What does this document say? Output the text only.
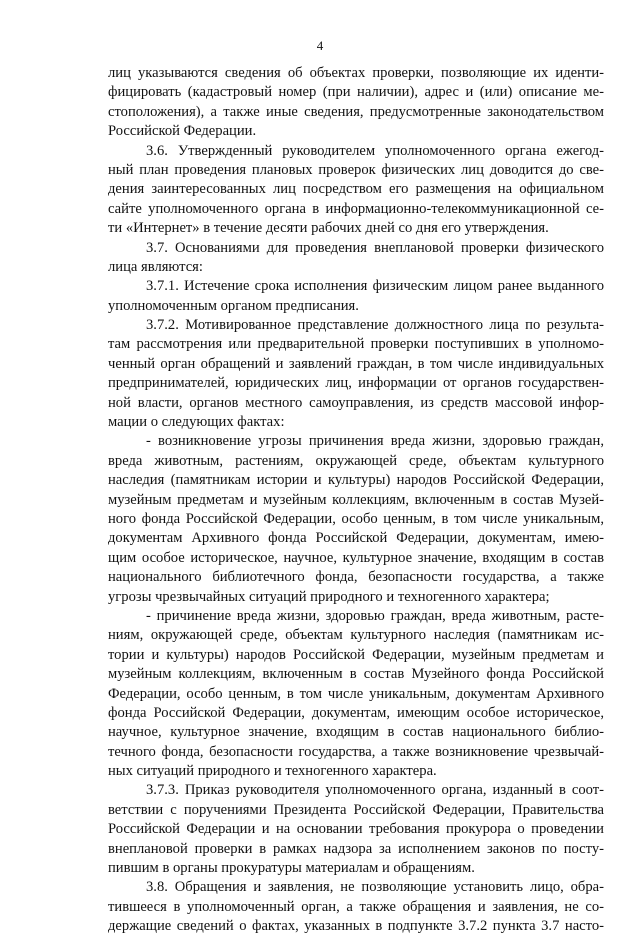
4
лиц указываются сведения об объектах проверки, позволяющие их иденти-
фицировать (кадастровый номер (при наличии), адрес и (или) описание ме-
стоположения), а также иные сведения, предусмотренные законодательством
Российской Федерации.
3.6. Утвержденный руководителем уполномоченного органа ежегод-
ный план проведения плановых проверок физических лиц доводится до све-
дения заинтересованных лиц посредством его размещения на официальном
сайте уполномоченного органа в информационно-телекоммуникационной се-
ти «Интернет» в течение десяти рабочих дней со дня его утверждения.
3.7. Основаниями для проведения внеплановой проверки физического
лица являются:
3.7.1. Истечение срока исполнения физическим лицом ранее выданного
уполномоченным органом предписания.
3.7.2. Мотивированное представление должностного лица по результа-
там рассмотрения или предварительной проверки поступивших в уполномо-
ченный орган обращений и заявлений граждан, в том числе индивидуальных
предпринимателей, юридических лиц, информации от органов государствен-
ной власти, органов местного самоуправления, из средств массовой инфор-
мации о следующих фактах:
- возникновение угрозы причинения вреда жизни, здоровью граждан,
вреда животным, растениям, окружающей среде, объектам культурного
наследия (памятникам истории и культуры) народов Российской Федерации,
музейным предметам и музейным коллекциям, включенным в состав Музей-
ного фонда Российской Федерации, особо ценным, в том числе уникальным,
документам Архивного фонда Российской Федерации, документам, имею-
щим особое историческое, научное, культурное значение, входящим в состав
национального библиотечного фонда, безопасности государства, а также
угрозы чрезвычайных ситуаций природного и техногенного характера;
- причинение вреда жизни, здоровью граждан, вреда животным, расте-
ниям, окружающей среде, объектам культурного наследия (памятникам ис-
тории и культуры) народов Российской Федерации, музейным предметам и
музейным коллекциям, включенным в состав Музейного фонда Российской
Федерации, особо ценным, в том числе уникальным, документам Архивного
фонда Российской Федерации, документам, имеющим особое историческое,
научное, культурное значение, входящим в состав национального библио-
течного фонда, безопасности государства, а также возникновение чрезвычай-
ных ситуаций природного и техногенного характера.
3.7.3. Приказ руководителя уполномоченного органа, изданный в соот-
ветствии с поручениями Президента Российской Федерации, Правительства
Российской Федерации и на основании требования прокурора о проведении
внеплановой проверки в рамках надзора за исполнением законов по посту-
пившим в органы прокуратуры материалам и обращениям.
3.8. Обращения и заявления, не позволяющие установить лицо, обра-
тившееся в уполномоченный орган, а также обращения и заявления, не со-
держащие сведений о фактах, указанных в подпункте 3.7.2 пункта 3.7 насто-
